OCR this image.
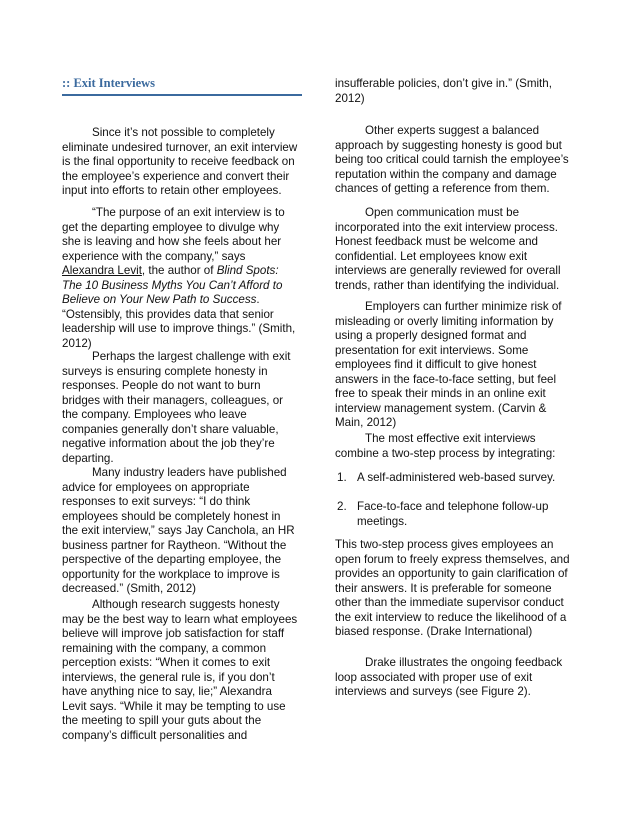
:: Exit Interviews

Since it’s not possible to completely eliminate undesired turnover, an exit interview is the final opportunity to receive feedback on the employee’s experience and convert their input into efforts to retain other employees.

“The purpose of an exit interview is to get the departing employee to divulge why she is leaving and how she feels about her experience with the company,” says Alexandra Levit, the author of Blind Spots: The 10 Business Myths You Can’t Afford to Believe on Your New Path to Success. “Ostensibly, this provides data that senior leadership will use to improve things.” (Smith, 2012)

Perhaps the largest challenge with exit surveys is ensuring complete honesty in responses. People do not want to burn bridges with their managers, colleagues, or the company. Employees who leave companies generally don’t share valuable, negative information about the job they’re departing.

Many industry leaders have published advice for employees on appropriate responses to exit surveys: “I do think employees should be completely honest in the exit interview,” says Jay Canchola, an HR business partner for Raytheon. “Without the perspective of the departing employee, the opportunity for the workplace to improve is decreased.” (Smith, 2012)

Although research suggests honesty may be the best way to learn what employees believe will improve job satisfaction for staff remaining with the company, a common perception exists: “When it comes to exit interviews, the general rule is, if you don’t have anything nice to say, lie;” Alexandra Levit says. “While it may be tempting to use the meeting to spill your guts about the company’s difficult personalities and

insufferable policies, don’t give in.” (Smith, 2012)

Other experts suggest a balanced approach by suggesting honesty is good but being too critical could tarnish the employee’s reputation within the company and damage chances of getting a reference from them.

Open communication must be incorporated into the exit interview process. Honest feedback must be welcome and confidential. Let employees know exit interviews are generally reviewed for overall trends, rather than identifying the individual.

Employers can further minimize risk of misleading or overly limiting information by using a properly designed format and presentation for exit interviews. Some employees find it difficult to give honest answers in the face-to-face setting, but feel free to speak their minds in an online exit interview management system. (Carvin & Main, 2012)

The most effective exit interviews combine a two-step process by integrating:

1. A self-administered web-based survey.
2. Face-to-face and telephone follow-up meetings.

This two-step process gives employees an open forum to freely express themselves, and provides an opportunity to gain clarification of their answers. It is preferable for someone other than the immediate supervisor conduct the exit interview to reduce the likelihood of a biased response. (Drake International)

Drake illustrates the ongoing feedback loop associated with proper use of exit interviews and surveys (see Figure 2).
